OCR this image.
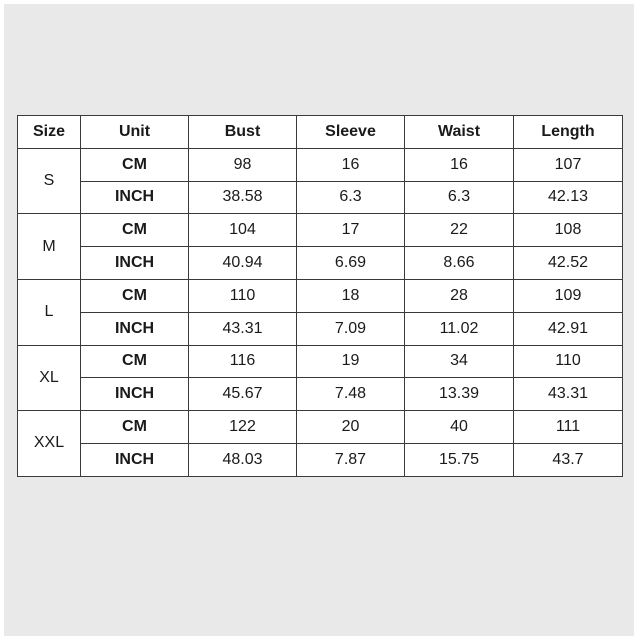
Size	Unit	Bust	Sleeve	Waist	Length
S	CM	98	16	16	107
	INCH	38.58	6.3	6.3	42.13
M	CM	104	17	22	108
	INCH	40.94	6.69	8.66	42.52
L	CM	110	18	28	109
	INCH	43.31	7.09	11.02	42.91
XL	CM	116	19	34	110
	INCH	45.67	7.48	13.39	43.31
XXL	CM	122	20	40	111
	INCH	48.03	7.87	15.75	43.7
